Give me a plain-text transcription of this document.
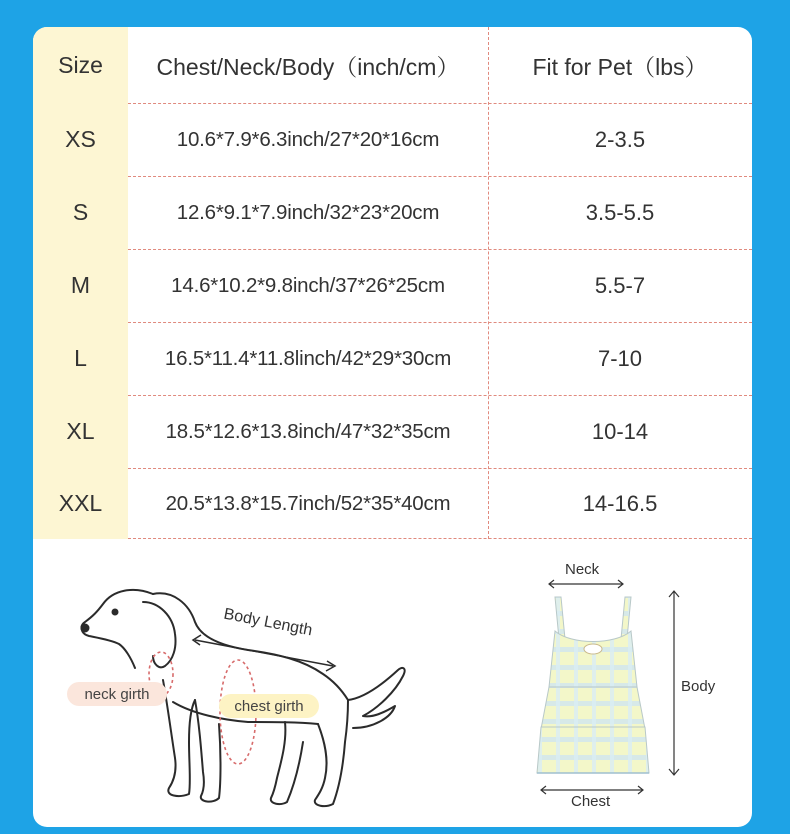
Size	Chest/Neck/Body（inch/cm）	Fit for Pet（lbs）
XS	10.6*7.9*6.3inch/27*20*16cm	2-3.5
S	12.6*9.1*7.9inch/32*23*20cm	3.5-5.5
M	14.6*10.2*9.8inch/37*26*25cm	5.5-7
L	16.5*11.4*11.8linch/42*29*30cm	7-10
XL	18.5*12.6*13.8inch/47*32*35cm	10-14
XXL	20.5*13.8*15.7inch/52*35*40cm	14-16.5
Body Length
neck girth
chest girth
Neck
Body
Chest
